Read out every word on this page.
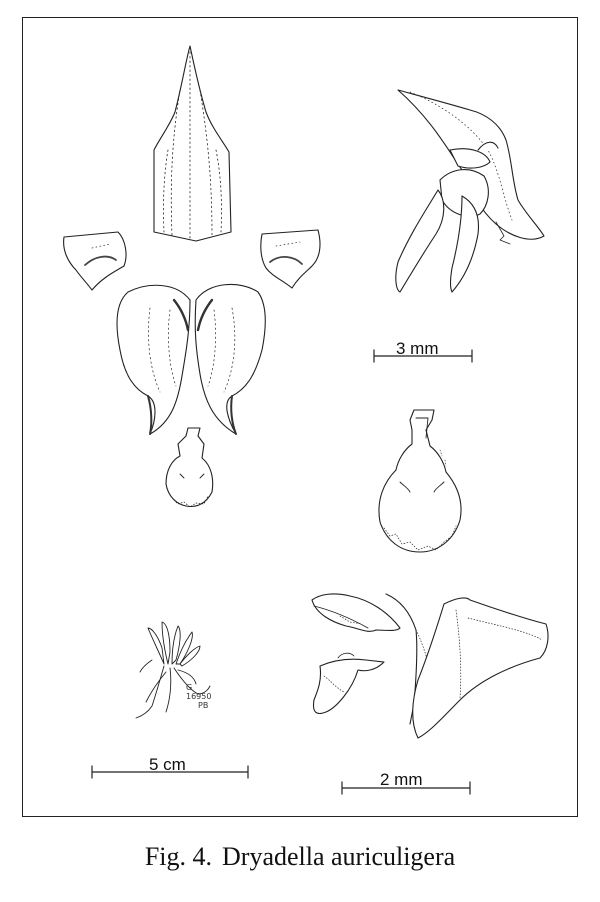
3 mm
5 cm
2 mm
G
16950
PB
Fig. 4. Dryadella auriculigera
